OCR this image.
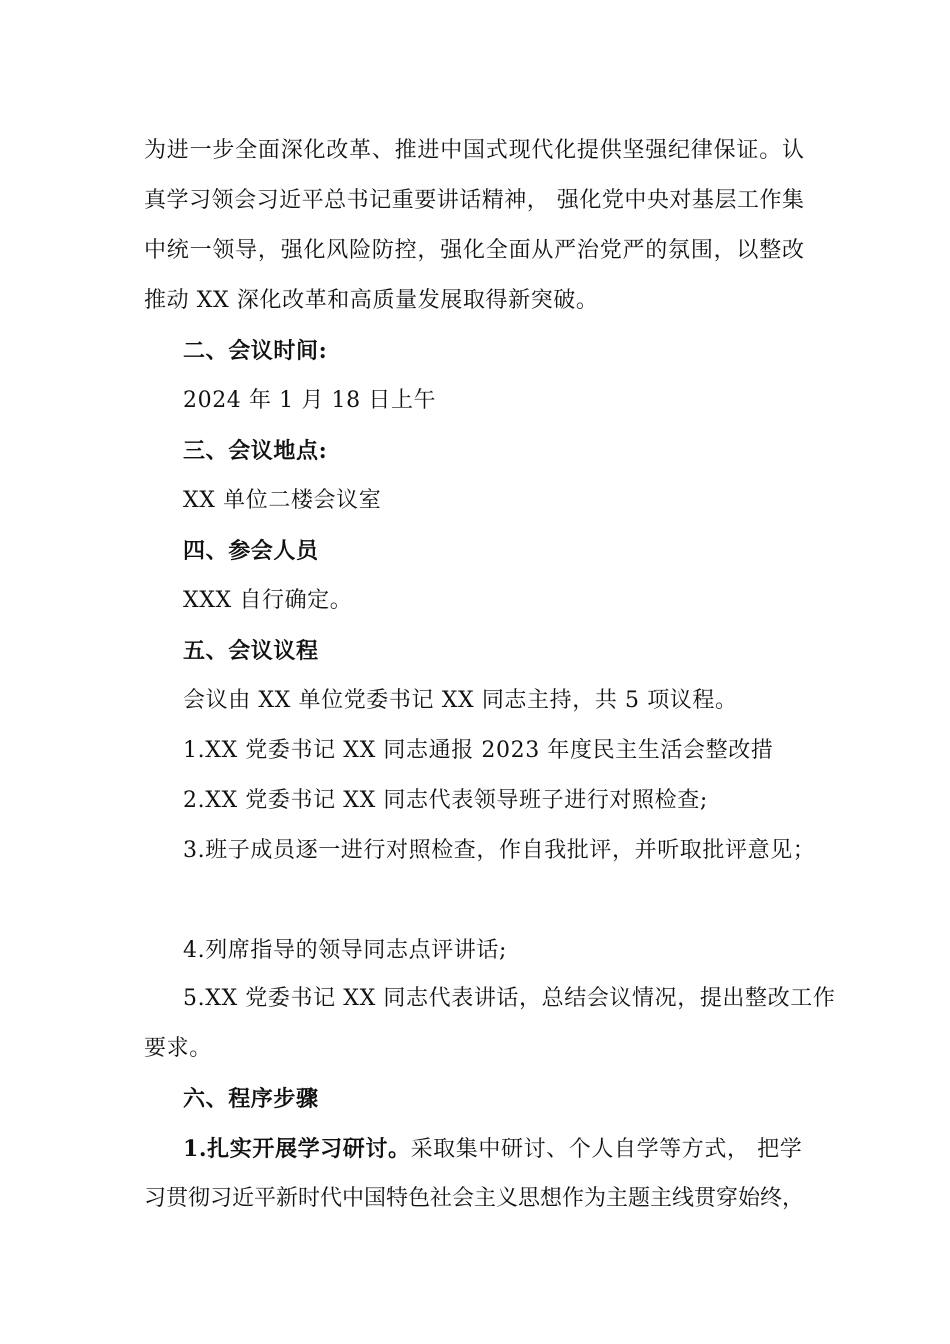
为进一步全面深化改革、推进中国式现代化提供坚强纪律保证。认
真学习领会习近平总书记重要讲话精神， 强化党中央对基层工作集
中统一领导，强化风险防控，强化全面从严治党严的氛围，以整改
推动 XX 深化改革和高质量发展取得新突破。
二、会议时间:
2024 年 1 月 18 日上午
三、会议地点:
XX 单位二楼会议室
四、参会人员
XXX 自行确定。
五、会议议程
会议由 XX 单位党委书记 XX 同志主持，共 5 项议程。
1.XX 党委书记 XX 同志通报 2023 年度民主生活会整改措
2.XX 党委书记 XX 同志代表领导班子进行对照检查;
3.班子成员逐一进行对照检查，作自我批评，并听取批评意见；
4.列席指导的领导同志点评讲话;
5.XX 党委书记 XX 同志代表讲话，总结会议情况，提出整改工作
要求。
六、程序步骤
1.扎实开展学习研讨。采取集中研讨、个人自学等方式， 把学
习贯彻习近平新时代中国特色社会主义思想作为主题主线贯穿始终，
